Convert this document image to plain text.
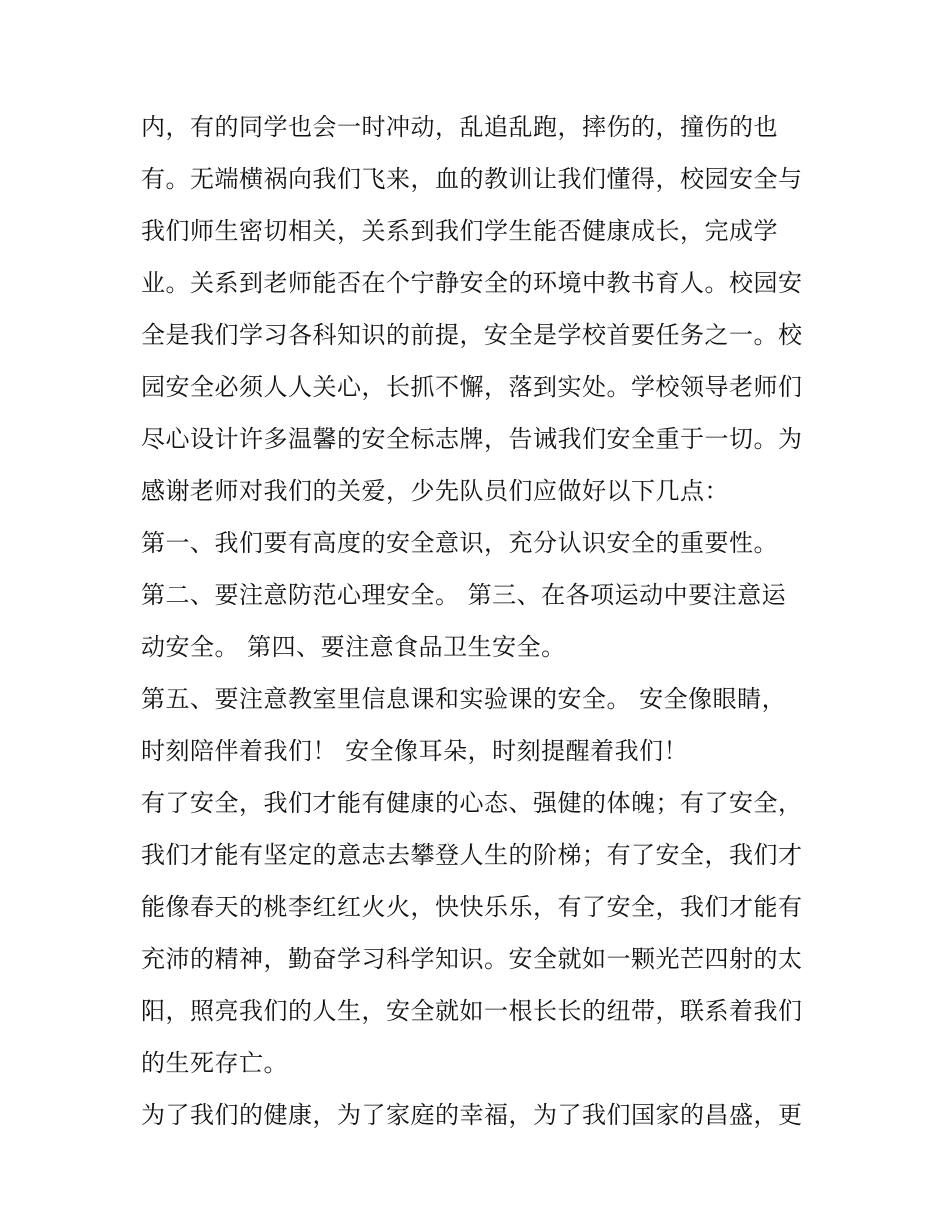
内，有的同学也会一时冲动，乱追乱跑，摔伤的，撞伤的也
有。无端横祸向我们飞来，血的教训让我们懂得，校园安全与
我们师生密切相关，关系到我们学生能否健康成长，完成学
业。关系到老师能否在个宁静安全的环境中教书育人。校园安
全是我们学习各科知识的前提，安全是学校首要任务之一。校
园安全必须人人关心，长抓不懈，落到实处。学校领导老师们
尽心设计许多温馨的安全标志牌，告诫我们安全重于一切。为
感谢老师对我们的关爱，少先队员们应做好以下几点：
第一、我们要有高度的安全意识，充分认识安全的重要性。
第二、要注意防范心理安全。 第三、在各项运动中要注意运
动安全。 第四、要注意食品卫生安全。
第五、要注意教室里信息课和实验课的安全。 安全像眼睛，
时刻陪伴着我们！ 安全像耳朵，时刻提醒着我们！
有了安全，我们才能有健康的心态、强健的体魄；有了安全，
我们才能有坚定的意志去攀登人生的阶梯；有了安全，我们才
能像春天的桃李红红火火，快快乐乐，有了安全，我们才能有
充沛的精神，勤奋学习科学知识。安全就如一颗光芒四射的太
阳，照亮我们的人生，安全就如一根长长的纽带，联系着我们
的生死存亡。
为了我们的健康，为了家庭的幸福，为了我们国家的昌盛，更
